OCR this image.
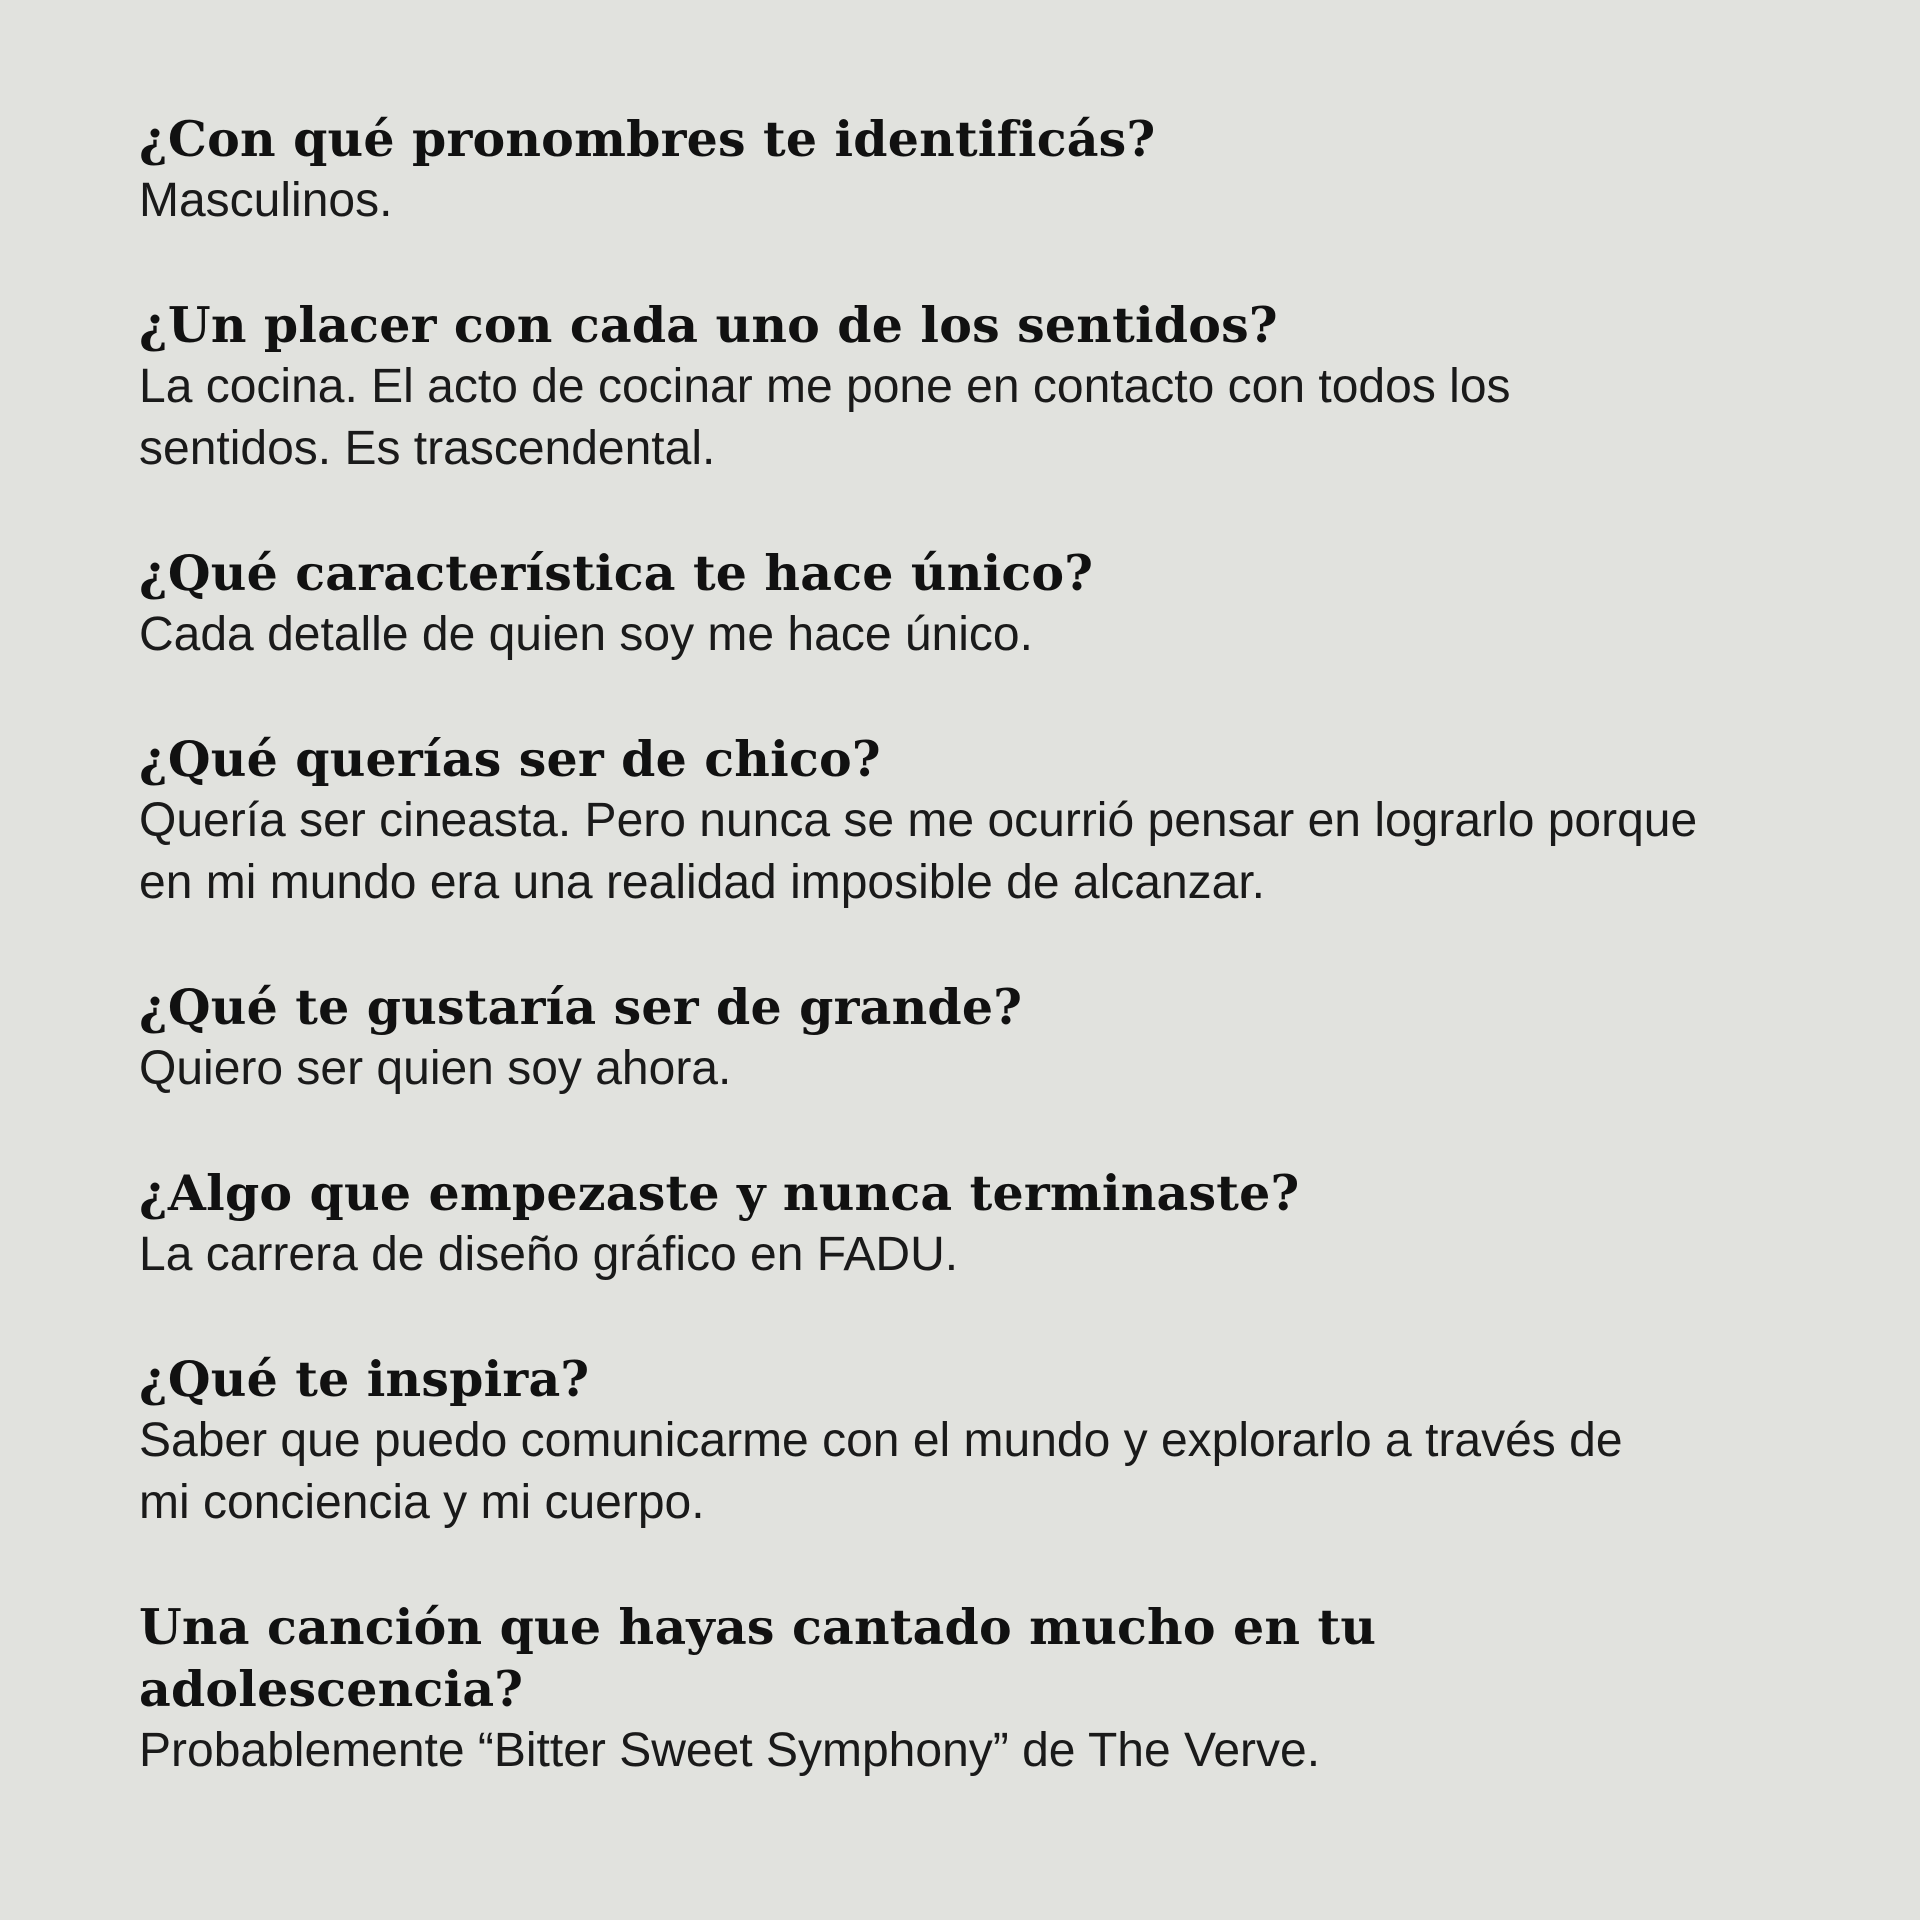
¿Con qué pronombres te identificás?

Masculinos.

¿Un placer con cada uno de los sentidos?

La cocina. El acto de cocinar me pone en contacto con todos los sentidos. Es trascendental.

¿Qué característica te hace único?

Cada detalle de quien soy me hace único.

¿Qué querías ser de chico?

Quería ser cineasta. Pero nunca se me ocurrió pensar en lograrlo porque en mi mundo era una realidad imposible de alcanzar.

¿Qué te gustaría ser de grande?

Quiero ser quien soy ahora.

¿Algo que empezaste y nunca terminaste?

La carrera de diseño gráfico en FADU.

¿Qué te inspira?

Saber que puedo comunicarme con el mundo y explorarlo a través de mi conciencia y mi cuerpo.

Una canción que hayas cantado mucho en tu adolescencia?

Probablemente “Bitter Sweet Symphony” de The Verve.
